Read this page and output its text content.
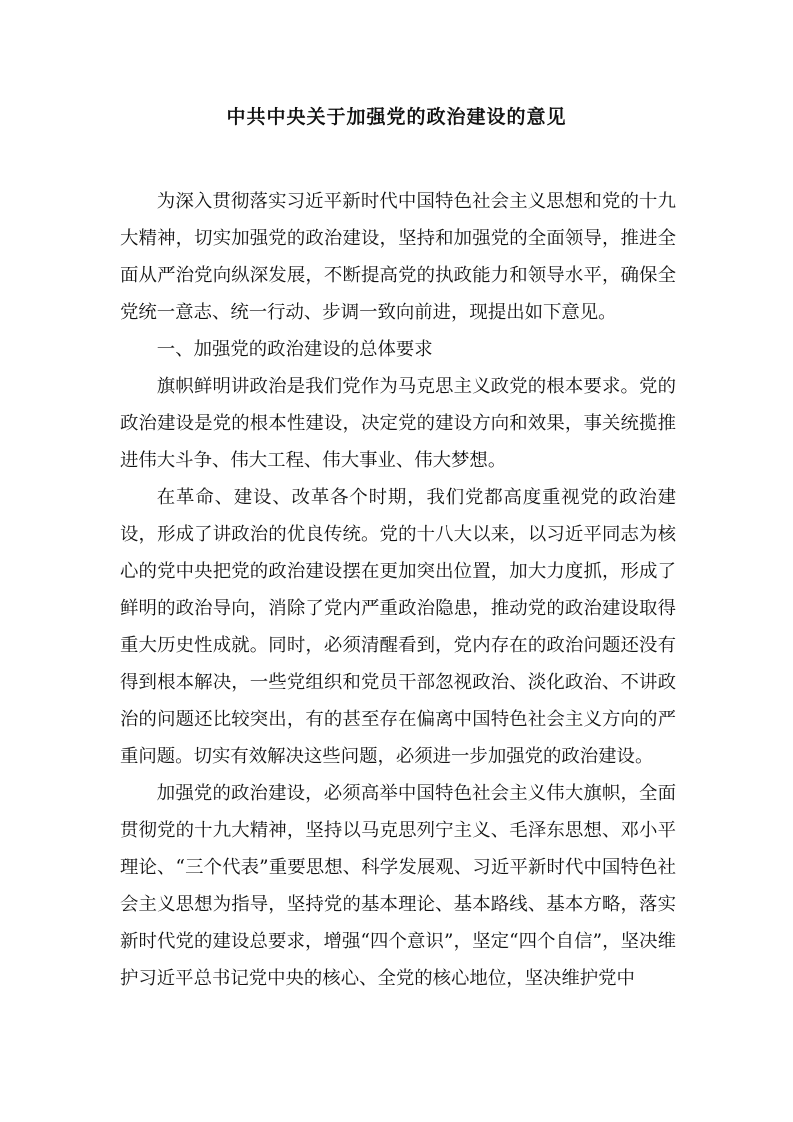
中共中央关于加强党的政治建设的意见

为深入贯彻落实习近平新时代中国特色社会主义思想和党的十九大精神，切实加强党的政治建设，坚持和加强党的全面领导，推进全面从严治党向纵深发展，不断提高党的执政能力和领导水平，确保全党统一意志、统一行动、步调一致向前进，现提出如下意见。

一、加强党的政治建设的总体要求

旗帜鲜明讲政治是我们党作为马克思主义政党的根本要求。党的政治建设是党的根本性建设，决定党的建设方向和效果，事关统揽推进伟大斗争、伟大工程、伟大事业、伟大梦想。

在革命、建设、改革各个时期，我们党都高度重视党的政治建设，形成了讲政治的优良传统。党的十八大以来，以习近平同志为核心的党中央把党的政治建设摆在更加突出位置，加大力度抓，形成了鲜明的政治导向，消除了党内严重政治隐患，推动党的政治建设取得重大历史性成就。同时，必须清醒看到，党内存在的政治问题还没有得到根本解决，一些党组织和党员干部忽视政治、淡化政治、不讲政治的问题还比较突出，有的甚至存在偏离中国特色社会主义方向的严重问题。切实有效解决这些问题，必须进一步加强党的政治建设。

加强党的政治建设，必须高举中国特色社会主义伟大旗帜，全面贯彻党的十九大精神，坚持以马克思列宁主义、毛泽东思想、邓小平理论、“三个代表”重要思想、科学发展观、习近平新时代中国特色社会主义思想为指导，坚持党的基本理论、基本路线、基本方略，落实新时代党的建设总要求，增强“四个意识”，坚定“四个自信”，坚决维护习近平总书记党中央的核心、全党的核心地位，坚决维护党中
